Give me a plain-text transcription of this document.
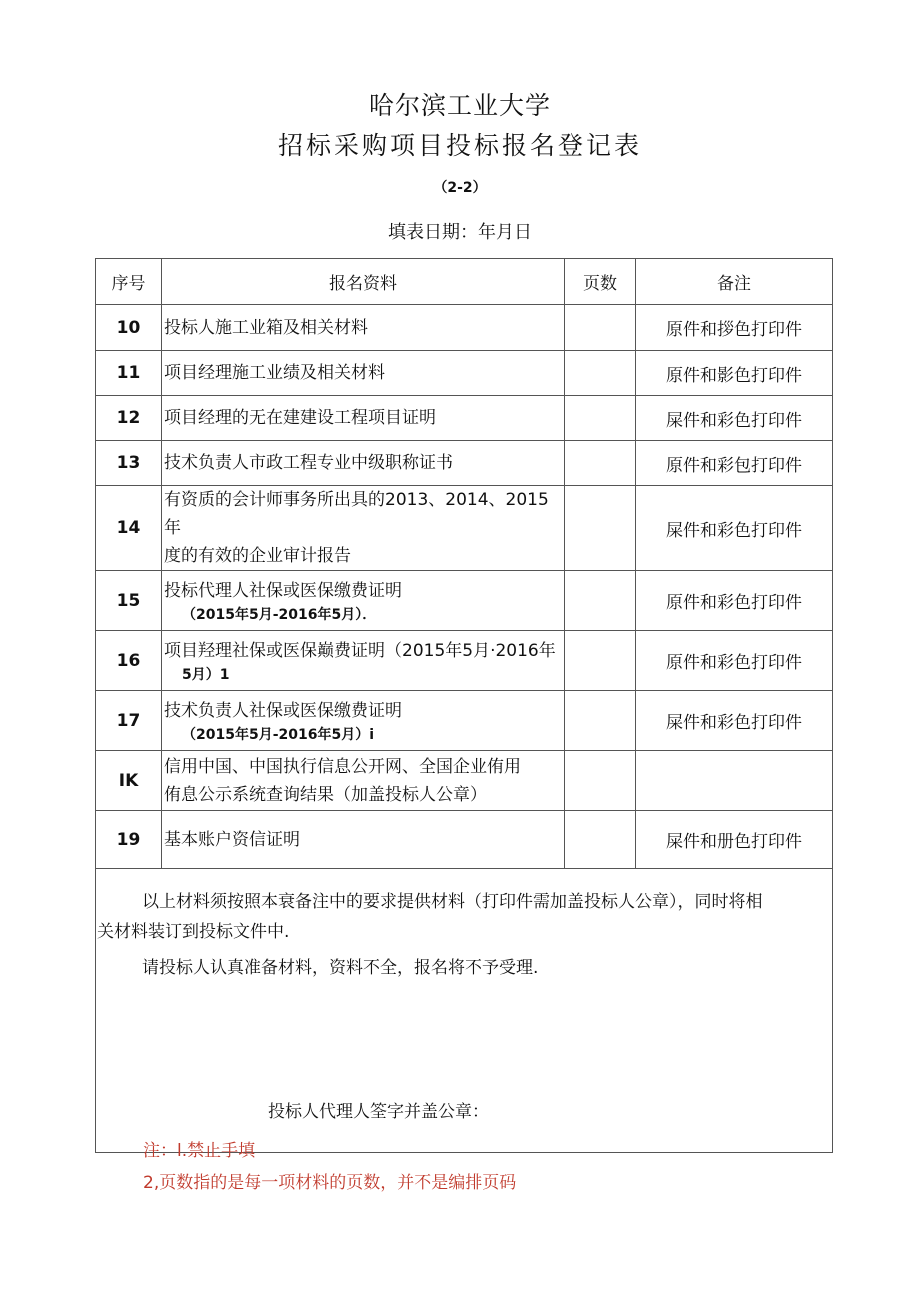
哈尔滨工业大学
招标采购项目投标报名登记表
（2-2）
填表日期：年月日
序号	报名资料	页数	备注
10	投标人施工业箱及相关材料		原件和拶色打印件
11	项目经理施工业绩及相关材料		原件和影色打印件
12	项目经理的无在建建设工程项目证明		屎件和彩色打印件
13	技术负责人市政工程专业中级职称证书		原件和彩包打印件
14	有资质的会计师事务所出具的2013、2014、2015年
度的有效的企业审计报告		屎件和彩色打印件
15	投标代理人社保或医保缴费证明
（2015年5月-2016年5月）．		原件和彩色打印件
16	项目羟理社保或医保巅费证明（2015年5月·2016年
5月）1		原件和彩色打印件
17	技术负责人社保或医保缴费证明
（2015年5月-2016年5月）i		屎件和彩色打印件
IK	信用中国、中国执行信息公开网、全国企业侑用
侑息公示系统查询结果（加盖投标人公章）		

19	基本账户资信证明		屎件和册色打印件

以上材料须按照本衰备注中的要求提供材料（打印件需加盖投标人公章），同时将相

关材料装订到投标文件中.

请投标人认真准备材料，资料不全，报名将不予受理.

投标人代理人筌字并盖公章：			

注：l.禁止手填
2,页数指的是每一项材料的页数，并不是编排页码
